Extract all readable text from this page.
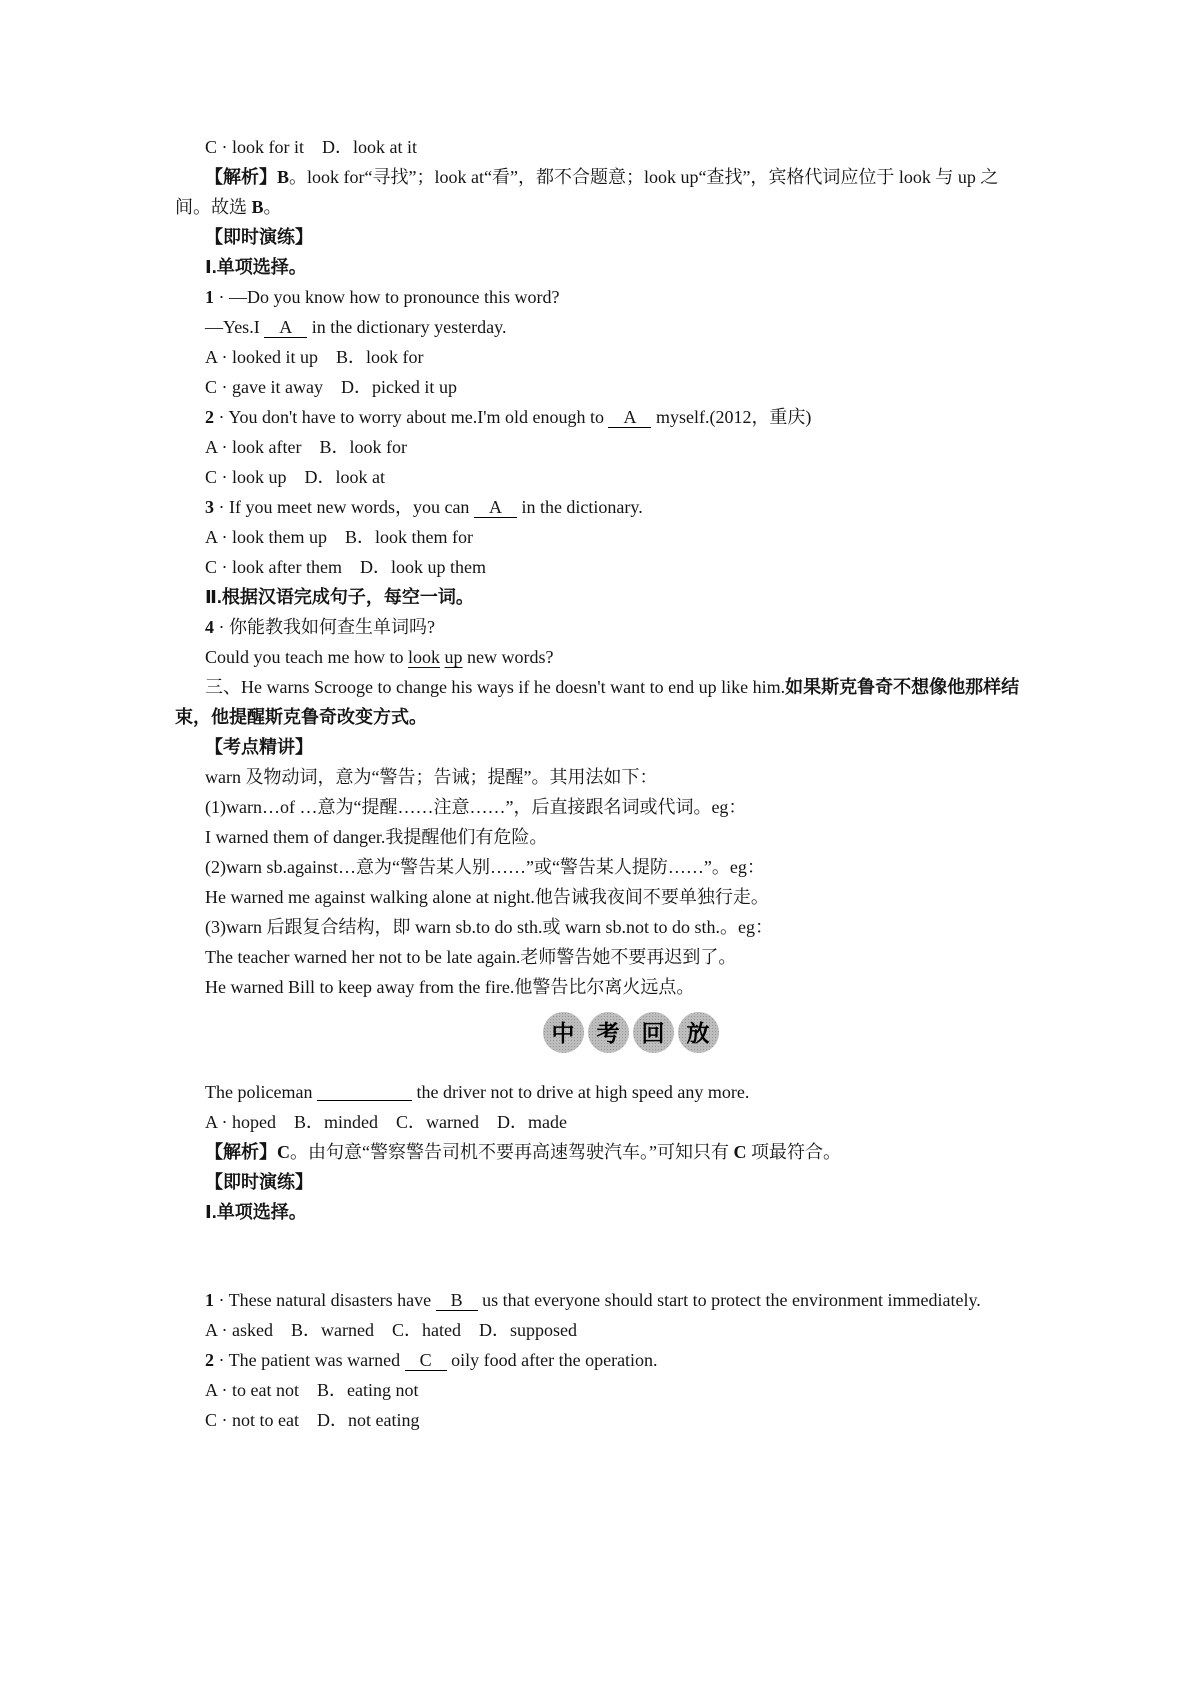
C · look for it　D．look at it

【解析】B。look for“寻找”；look at“看”，都不合题意；look up“查找”，宾格代词应位于 look 与 up 之间。故选 B。

【即时演练】

Ⅰ.单项选择。

1 · —Do you know how to pronounce this word?

—Yes.I A in the dictionary yesterday.

A · looked it up　B．look for

C · gave it away　D．picked it up

2 · You don't have to worry about me.I'm old enough to A myself.(2012，重庆)

A · look after　B．look for

C · look up　D．look at

3 · If you meet new words，you can A in the dictionary.

A · look them up　B．look them for

C · look after them　D．look up them

Ⅱ.根据汉语完成句子，每空一词。

4 · 你能教我如何查生单词吗?

Could you teach me how to look up new words?

三、He warns Scrooge to change his ways if he doesn't want to end up like him.如果斯克鲁奇不想像他那样结束，他提醒斯克鲁奇改变方式。

【考点精讲】

warn 及物动词，意为“警告；告诫；提醒”。其用法如下：

(1)warn…of …意为“提醒……注意……”，后直接跟名词或代词。eg：

I warned them of danger.我提醒他们有危险。

(2)warn sb.against…意为“警告某人别……”或“警告某人提防……”。eg：

He warned me against walking alone at night.他告诫我夜间不要单独行走。

(3)warn 后跟复合结构，即 warn sb.to do sth.或 warn sb.not to do sth.。eg：

The teacher warned her not to be late again.老师警告她不要再迟到了。

He warned Bill to keep away from the fire.他警告比尔离火远点。

中 考 回 放

The policeman	the driver not to drive at high speed any more.

A · hoped　B．minded　C．warned　D．made

【解析】C。由句意“警察警告司机不要再高速驾驶汽车。”可知只有 C 项最符合。

【即时演练】

Ⅰ.单项选择。

1 · These natural disasters have B us that everyone should start to protect the environment immediately.

A · asked　B．warned　C．hated　D．supposed

2 · The patient was warned C oily food after the operation.

A · to eat not　B．eating not

C · not to eat　D．not eating
